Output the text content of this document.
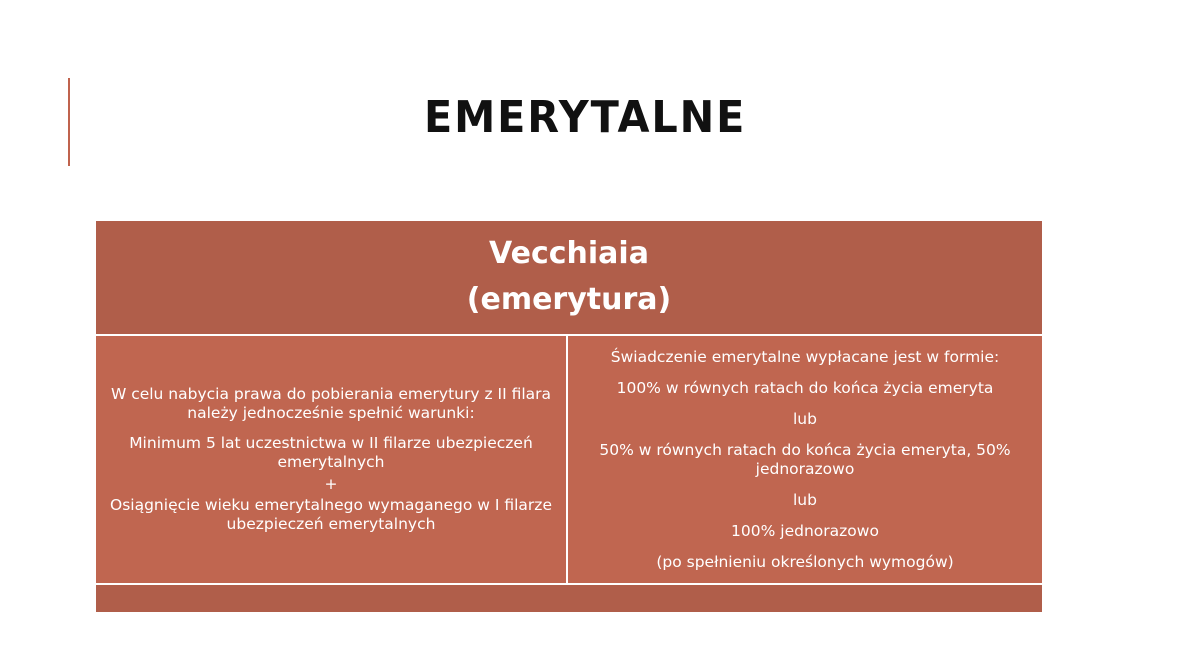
EMERYTALNE
Vecchiaia
(emerytura)

W celu nabycia prawa do pobierania emerytury z II filara należy jednocześnie spełnić warunki:

Minimum 5 lat uczestnictwa w II filarze ubezpieczeń emerytalnych

+

Osiągnięcie wieku emerytalnego wymaganego w I filarze ubezpieczeń emerytalnych

Świadczenie emerytalne wypłacane jest w formie:

100% w równych ratach do końca życia emeryta

lub

50% w równych ratach do końca życia emeryta, 50% jednorazowo

lub

100% jednorazowo

(po spełnieniu określonych wymogów)
